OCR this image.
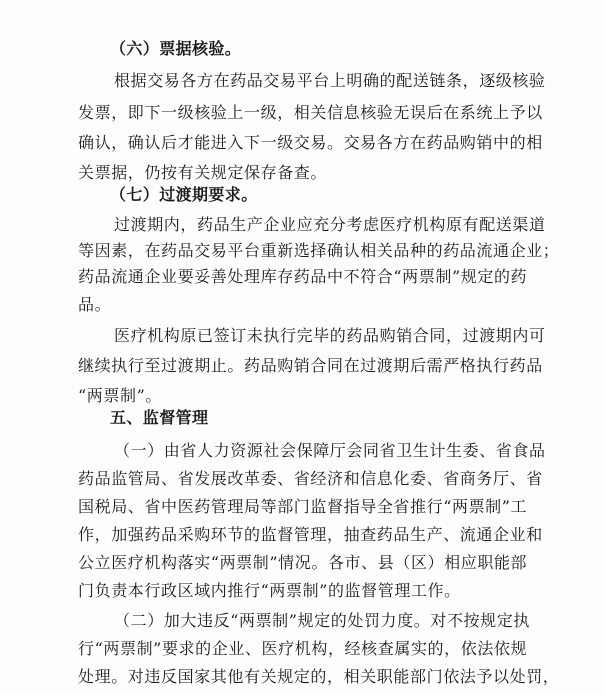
（六）票据核验。
根据交易各方在药品交易平台上明确的配送链条，逐级核验
发票，即下一级核验上一级，相关信息核验无误后在系统上予以
确认，确认后才能进入下一级交易。交易各方在药品购销中的相
关票据，仍按有关规定保存备查。
（七）过渡期要求。
过渡期内，药品生产企业应充分考虑医疗机构原有配送渠道
等因素，在药品交易平台重新选择确认相关品种的药品流通企业；
药品流通企业要妥善处理库存药品中不符合“两票制”规定的药
品。
医疗机构原已签订未执行完毕的药品购销合同，过渡期内可
继续执行至过渡期止。药品购销合同在过渡期后需严格执行药品
“两票制”。
五、监督管理
（一）由省人力资源社会保障厅会同省卫生计生委、省食品
药品监管局、省发展改革委、省经济和信息化委、省商务厅、省
国税局、省中医药管理局等部门监督指导全省推行“两票制”工
作，加强药品采购环节的监督管理，抽查药品生产、流通企业和
公立医疗机构落实“两票制”情况。各市、县（区）相应职能部
门负责本行政区域内推行“两票制”的监督管理工作。
（二）加大违反“两票制”规定的处罚力度。对不按规定执
行“两票制”要求的企业、医疗机构，经核查属实的，依法依规
处理。对违反国家其他有关规定的，相关职能部门依法予以处罚，
